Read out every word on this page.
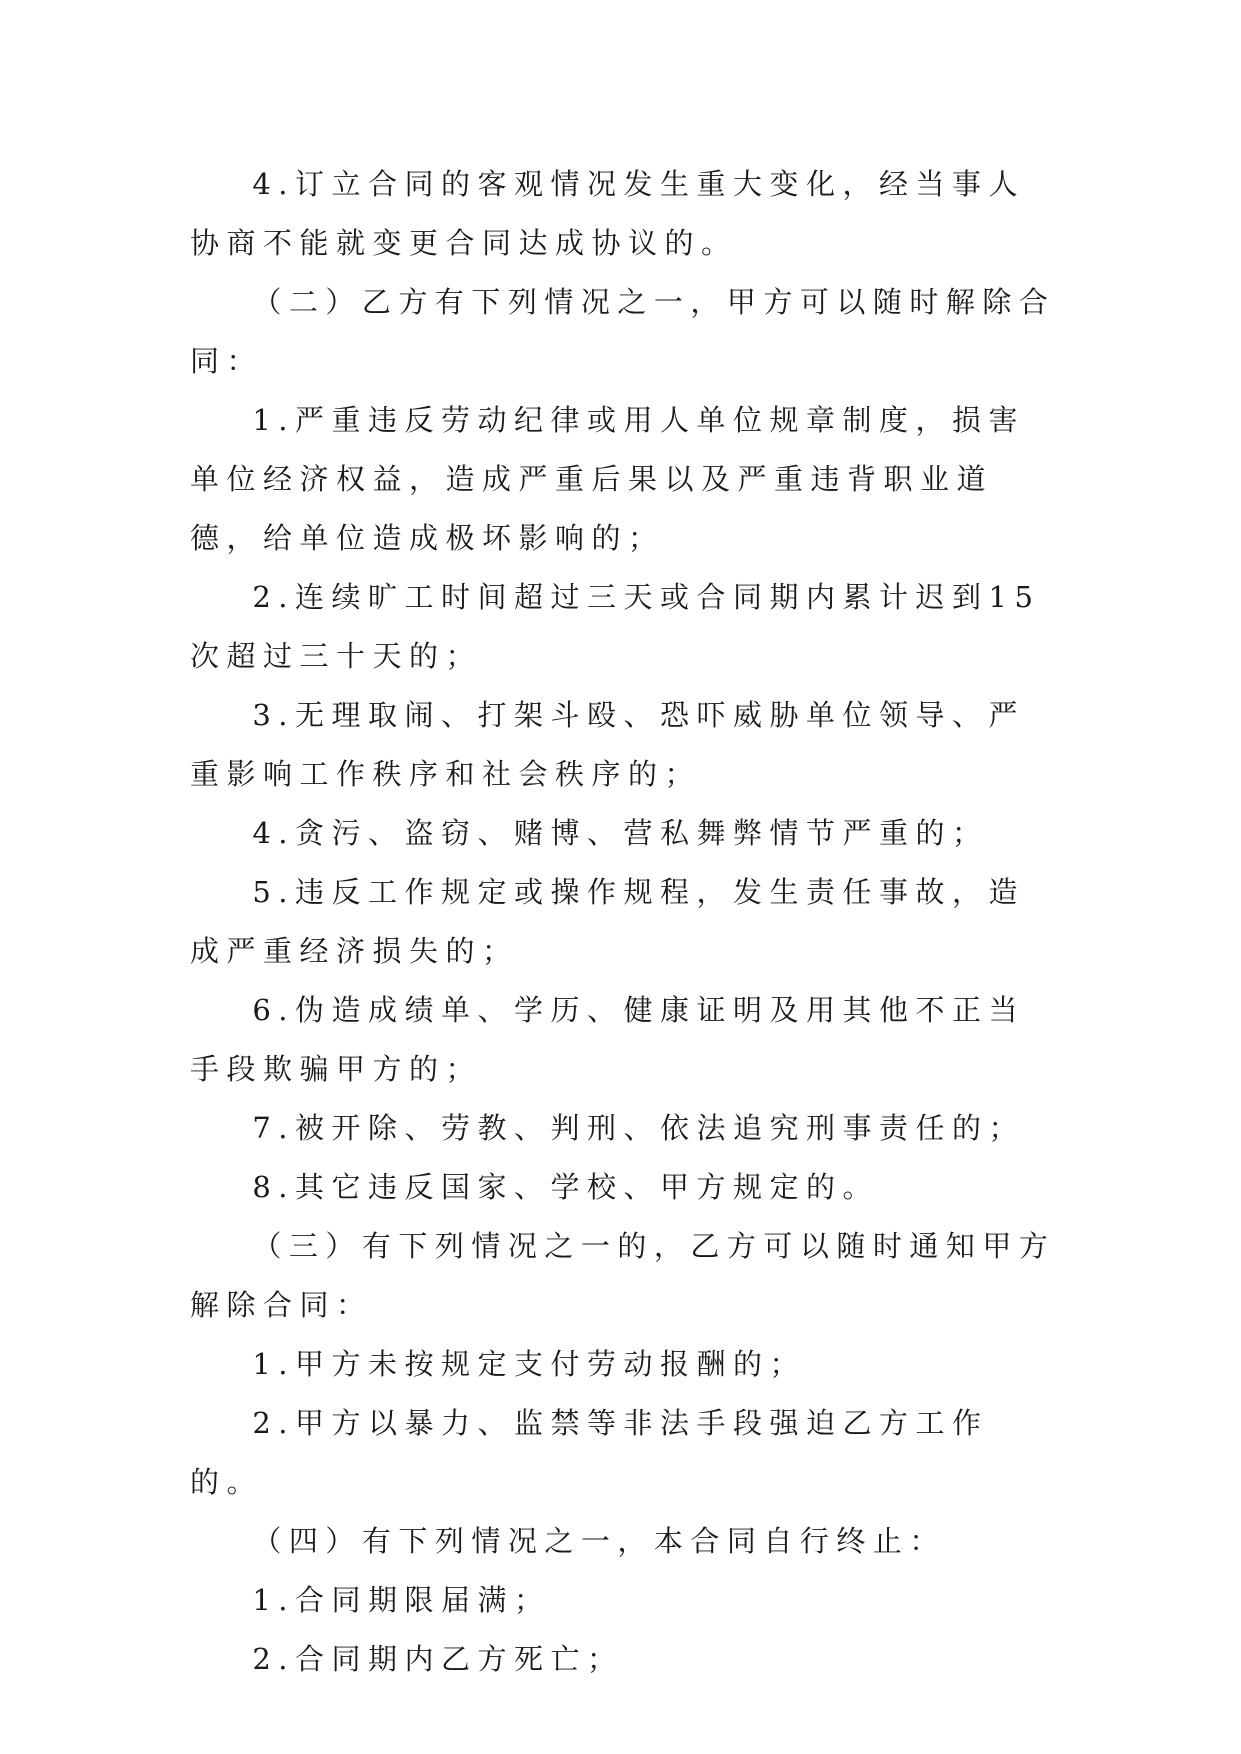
4.订立合同的客观情况发生重大变化，经当事人协商不能就变更合同达成协议的。

（二）乙方有下列情况之一，甲方可以随时解除合同：

1.严重违反劳动纪律或用人单位规章制度，损害单位经济权益，造成严重后果以及严重违背职业道德，给单位造成极坏影响的；

2.连续旷工时间超过三天或合同期内累计迟到15次超过三十天的；

3.无理取闹、打架斗殴、恐吓威胁单位领导、严重影响工作秩序和社会秩序的；

4.贪污、盗窃、赌博、营私舞弊情节严重的；

5.违反工作规定或操作规程，发生责任事故，造成严重经济损失的；

6.伪造成绩单、学历、健康证明及用其他不正当手段欺骗甲方的；

7.被开除、劳教、判刑、依法追究刑事责任的；

8.其它违反国家、学校、甲方规定的。

（三）有下列情况之一的，乙方可以随时通知甲方解除合同：

1.甲方未按规定支付劳动报酬的；

2.甲方以暴力、监禁等非法手段强迫乙方工作的。

（四）有下列情况之一，本合同自行终止：

1.合同期限届满；

2.合同期内乙方死亡；
